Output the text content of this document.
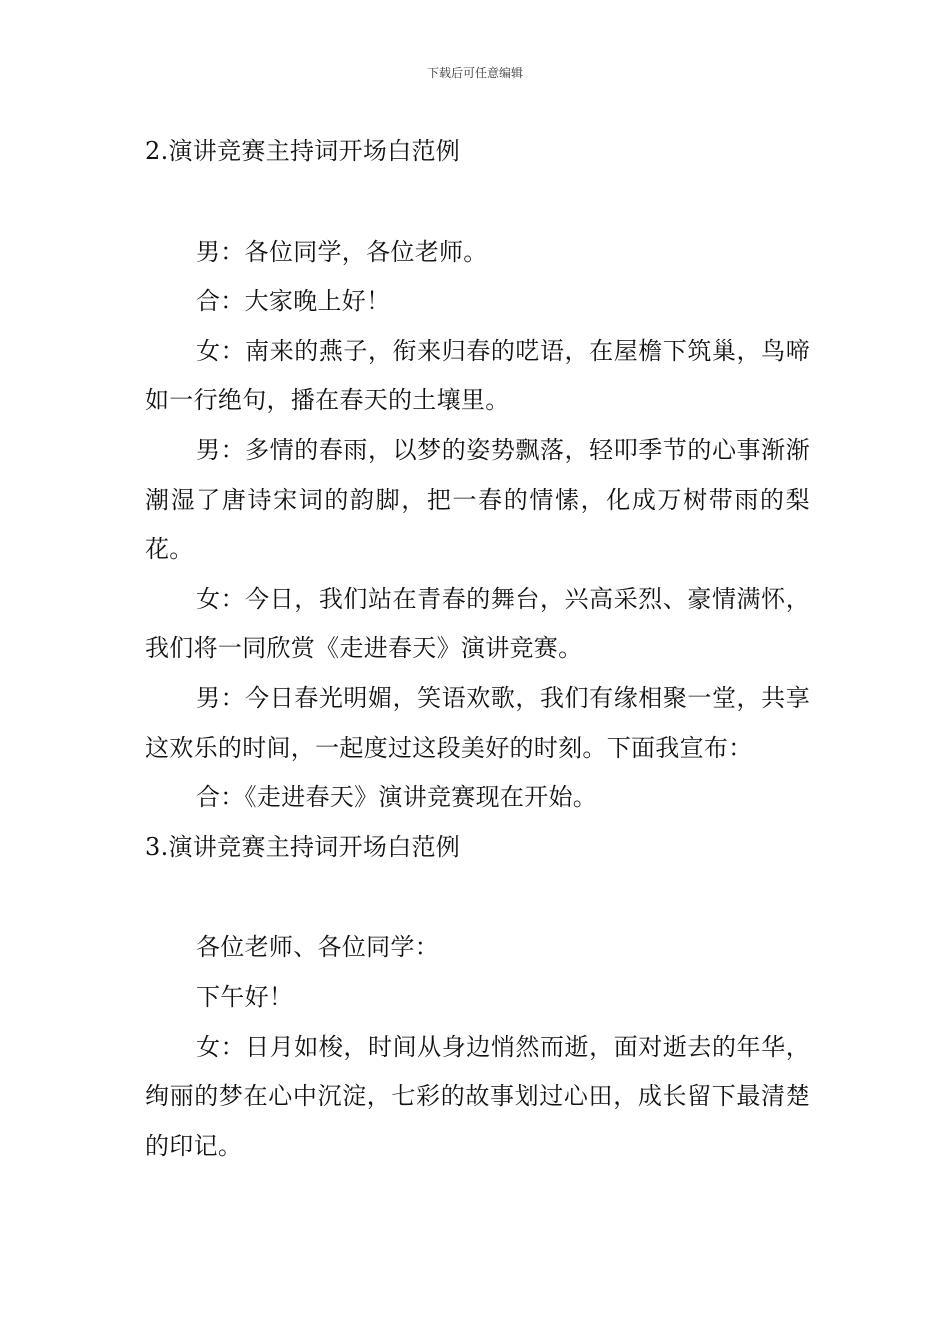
下载后可任意编辑

2.演讲竞赛主持词开场白范例

男：各位同学，各位老师。

合：大家晚上好！

女：南来的燕子，衔来归春的呓语，在屋檐下筑巢，鸟啼如一行绝句，播在春天的土壤里。

男：多情的春雨，以梦的姿势飘落，轻叩季节的心事渐渐潮湿了唐诗宋词的韵脚，把一春的情愫，化成万树带雨的梨花。

女：今日，我们站在青春的舞台，兴高采烈、豪情满怀，我们将一同欣赏《走进春天》演讲竞赛。

男：今日春光明媚，笑语欢歌，我们有缘相聚一堂，共享这欢乐的时间，一起度过这段美好的时刻。下面我宣布：

合：《走进春天》演讲竞赛现在开始。

3.演讲竞赛主持词开场白范例

各位老师、各位同学：

下午好！

女：日月如梭，时间从身边悄然而逝，面对逝去的年华，绚丽的梦在心中沉淀，七彩的故事划过心田，成长留下最清楚的印记。
